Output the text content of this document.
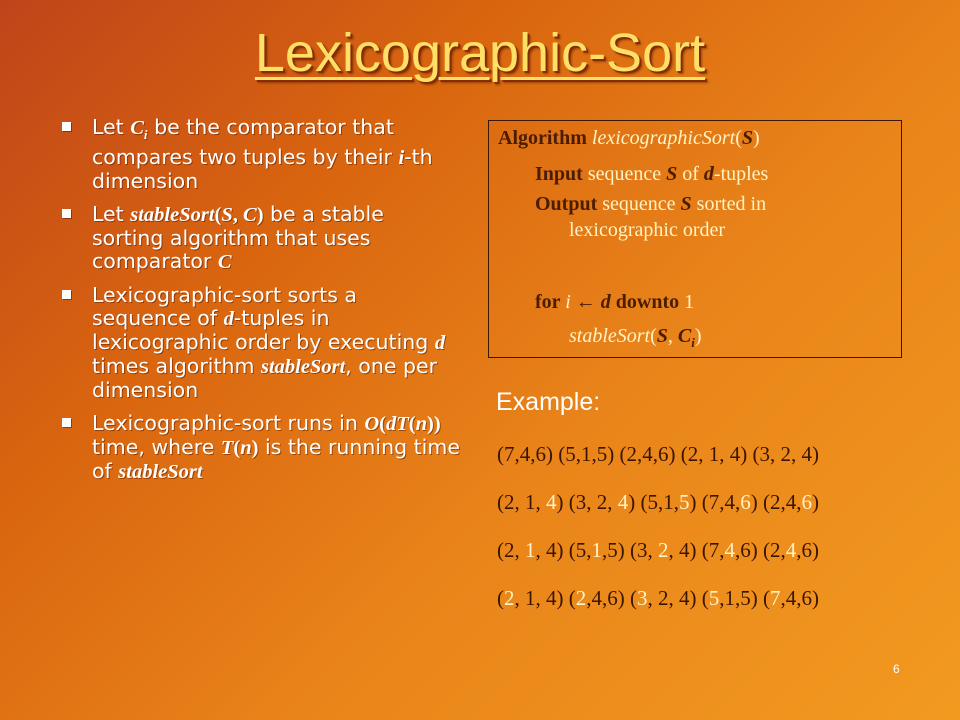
Lexicographic-Sort
Let $C_i$ be the comparator that compares two tuples by their i-th dimension
Let stableSort(S, C) be a stable sorting algorithm that uses comparator C
Lexicographic-sort sorts a sequence of d-tuples in lexicographic order by executing d times algorithm stableSort, one per dimension
Lexicographic-sort runs in O(dT(n)) time, where T(n) is the running time of stableSort
Algorithm lexicographicSort(S)
Input sequence S of d-tuples
Output sequence S sorted in
lexicographic order
for i ← d downto 1
stableSort(S, $C_i$)
Example:
(7,4,6) (5,1,5) (2,4,6) (2, 1, 4) (3, 2, 4)
(2, 1, 4) (3, 2, 4) (5,1,5) (7,4,6) (2,4,6)
(2, 1, 4) (5,1,5) (3, 2, 4) (7,4,6) (2,4,6)
(2, 1, 4) (2,4,6) (3, 2, 4) (5,1,5) (7,4,6)
6
